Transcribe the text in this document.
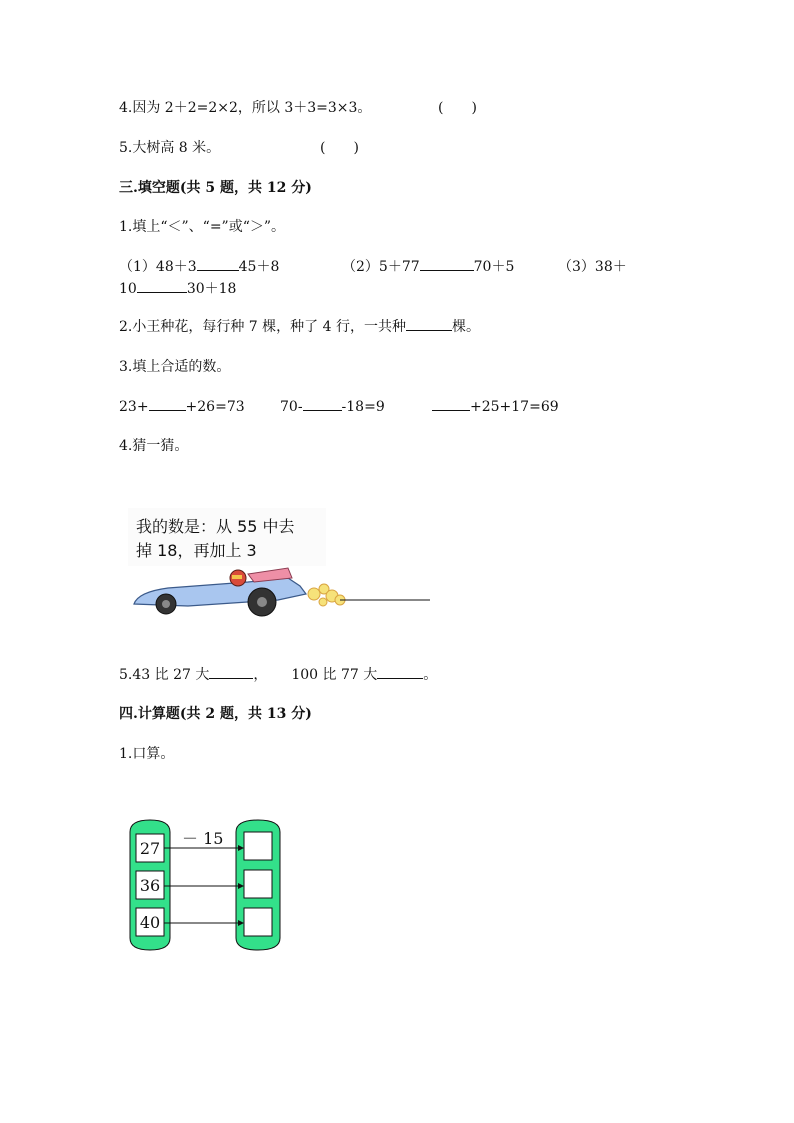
4.因为 2＋2=2×2，所以 3＋3=3×3。	(　　)
5.大树高 8 米。	(　　)
三.填空题(共 5 题，共 12 分)
1.填上“＜”、“=”或“＞”。
（1）48＋3	45＋8	（2）5＋77	70＋5	（3）38＋
10	30＋18
2.小王种花，每行种 7 棵，种了 4 行，一共种	棵。
3.填上合适的数。
23+	+26=73	70-	-18=9	+25+17=69
4.猜一猜。
我的数是：从 55 中去
掉 18，再加上 3
5.43 比 27 大	， 100 比 77 大	。
四.计算题(共 2 题，共 13 分)
1.口算。
－ 15
27
36
40
